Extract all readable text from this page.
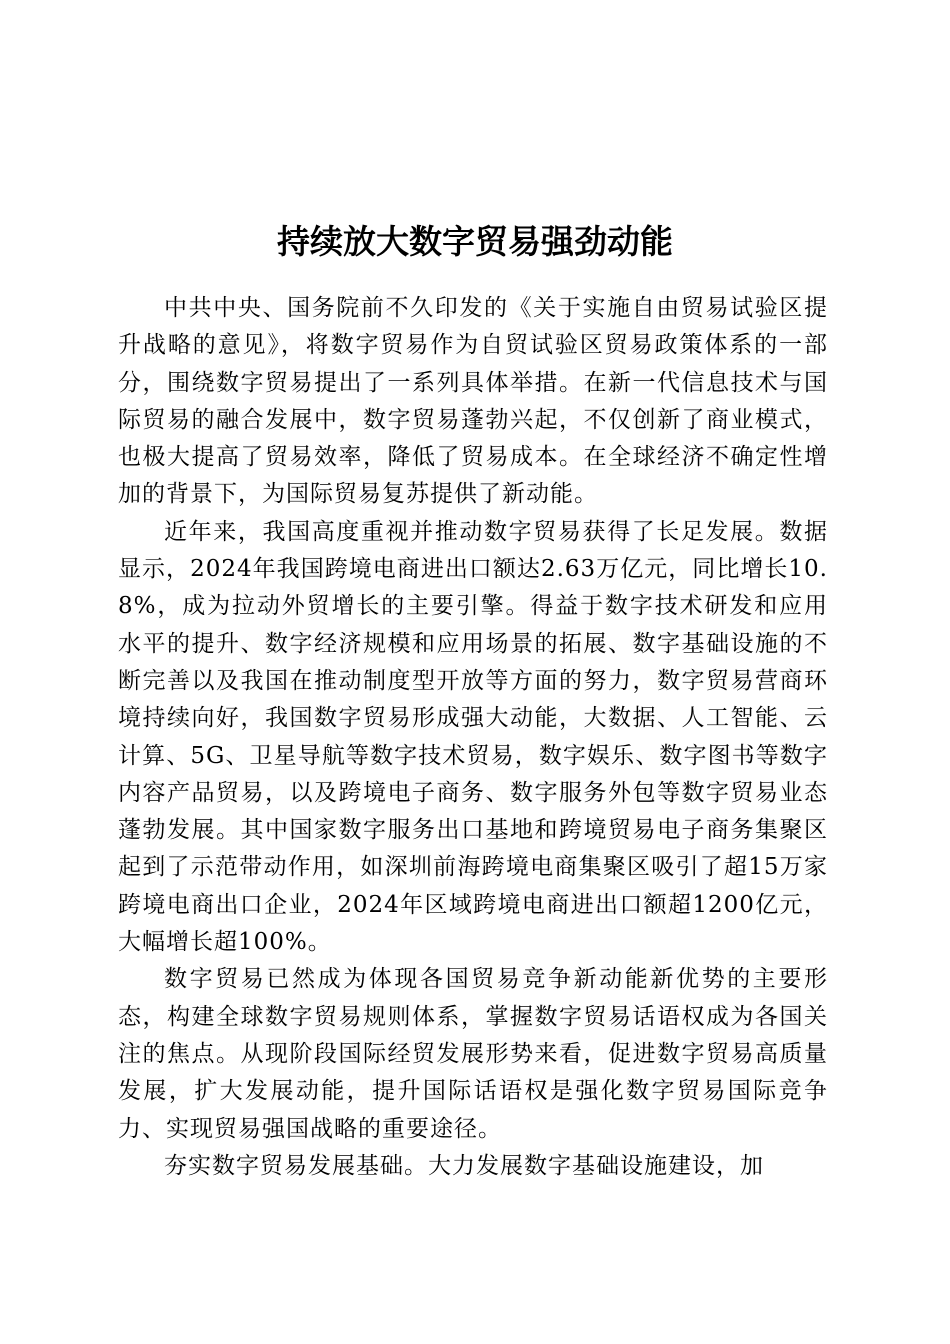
持续放大数字贸易强劲动能

中共中央、国务院前不久印发的《关于实施自由贸易试验区提升战略的意见》，将数字贸易作为自贸试验区贸易政策体系的一部分，围绕数字贸易提出了一系列具体举措。在新一代信息技术与国际贸易的融合发展中，数字贸易蓬勃兴起，不仅创新了商业模式，也极大提高了贸易效率，降低了贸易成本。在全球经济不确定性增加的背景下，为国际贸易复苏提供了新动能。

近年来，我国高度重视并推动数字贸易获得了长足发展。数据显示，2024年我国跨境电商进出口额达2.63万亿元，同比增长10.8%，成为拉动外贸增长的主要引擎。得益于数字技术研发和应用水平的提升、数字经济规模和应用场景的拓展、数字基础设施的不断完善以及我国在推动制度型开放等方面的努力，数字贸易营商环境持续向好，我国数字贸易形成强大动能，大数据、人工智能、云计算、5G、卫星导航等数字技术贸易，数字娱乐、数字图书等数字内容产品贸易，以及跨境电子商务、数字服务外包等数字贸易业态蓬勃发展。其中国家数字服务出口基地和跨境贸易电子商务集聚区起到了示范带动作用，如深圳前海跨境电商集聚区吸引了超15万家跨境电商出口企业，2024年区域跨境电商进出口额超1200亿元，大幅增长超100%。

数字贸易已然成为体现各国贸易竞争新动能新优势的主要形态，构建全球数字贸易规则体系，掌握数字贸易话语权成为各国关注的焦点。从现阶段国际经贸发展形势来看，促进数字贸易高质量发展，扩大发展动能，提升国际话语权是强化数字贸易国际竞争力、实现贸易强国战略的重要途径。

夯实数字贸易发展基础。大力发展数字基础设施建设，加
